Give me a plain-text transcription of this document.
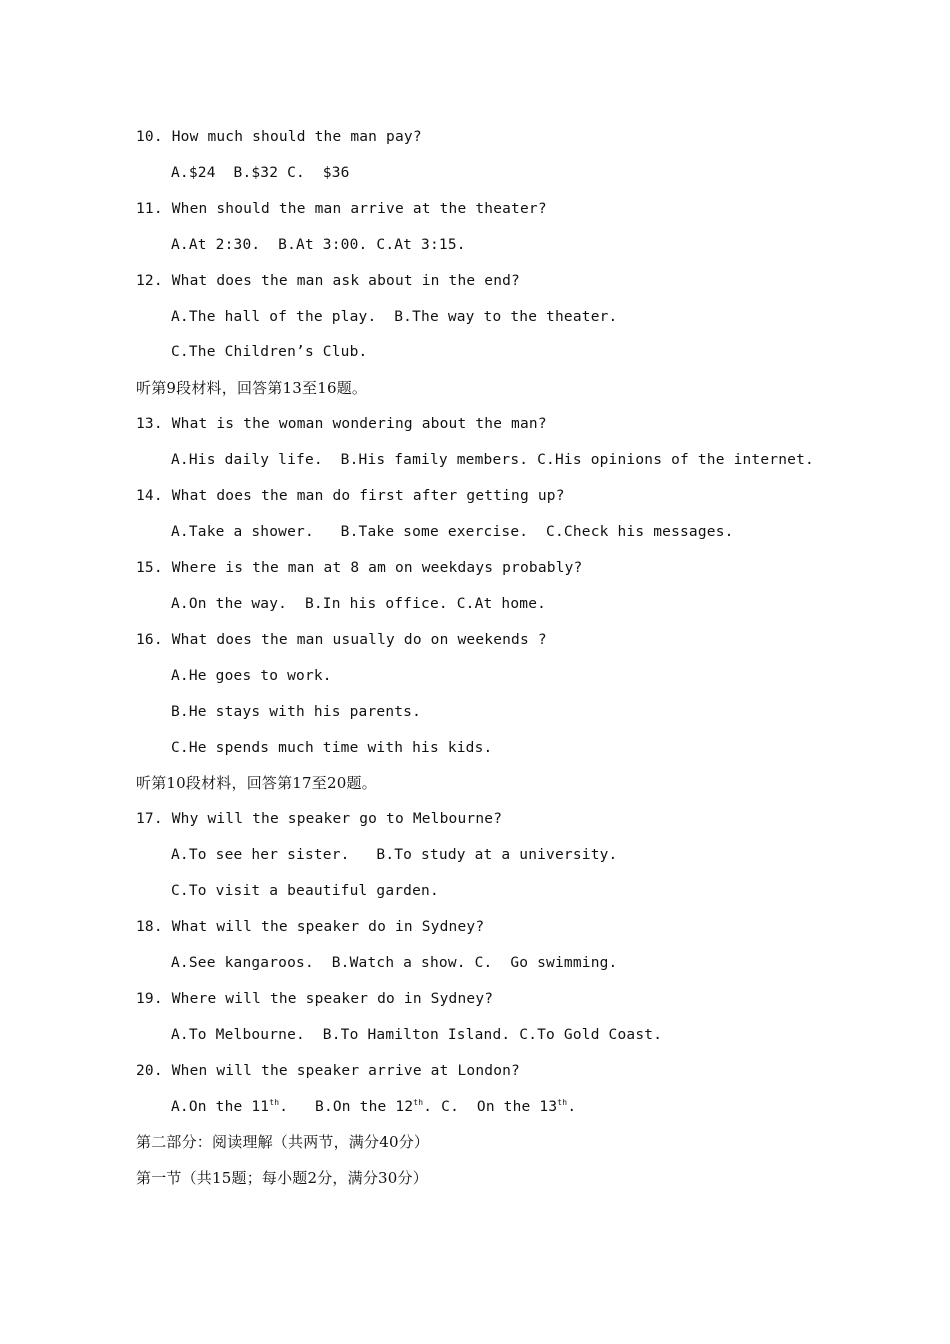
10. How much should the man pay?
A.$24  B.$32 C.  $36
11. When should the man arrive at the theater?
A.At 2:30.  B.At 3:00. C.At 3:15.
12. What does the man ask about in the end?
A.The hall of the play.  B.The way to the theater.
C.The Children’s Club.
听第9段材料，回答第13至16题。
13. What is the woman wondering about the man?
A.His daily life.  B.His family members. C.His opinions of the internet.
14. What does the man do first after getting up?
A.Take a shower.   B.Take some exercise.  C.Check his messages.
15. Where is the man at 8 am on weekdays probably?
A.On the way.  B.In his office. C.At home.
16. What does the man usually do on weekends ?
A.He goes to work.
B.He stays with his parents.
C.He spends much time with his kids.
听第10段材料，回答第17至20题。
17. Why will the speaker go to Melbourne?
A.To see her sister.   B.To study at a university.
C.To visit a beautiful garden.
18. What will the speaker do in Sydney?
A.See kangaroos.  B.Watch a show. C.  Go swimming.
19. Where will the speaker do in Sydney?
A.To Melbourne.  B.To Hamilton Island. C.To Gold Coast.
20. When will the speaker arrive at London?
A.On the 11th.   B.On the 12th. C.  On the 13th.
第二部分：阅读理解（共两节，满分40分）
第一节（共15题；每小题2分，满分30分）
